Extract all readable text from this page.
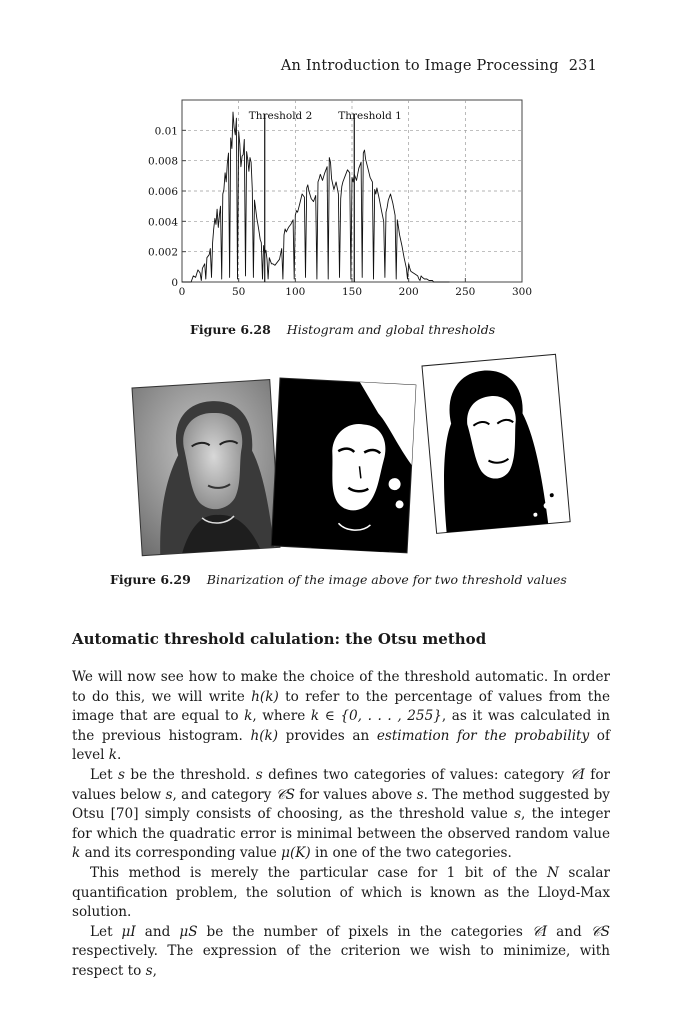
An Introduction to Image Processing 231
0	50	100	150	200	250	300
0
0.002
0.004
0.006
0.008
0.01
Threshold 2 Threshold 1
Figure 6.28 Histogram and global thresholds
Figure 6.29 Binarization of the image above for two threshold values
Automatic threshold calulation: the Otsu method

We will now see how to make the choice of the threshold automatic. In order to do this, we will write h(k) to refer to the percentage of values from the image that are equal to k, where k ∈ {0, . . . , 255}, as it was calculated in the previous histogram. h(k) provides an estimation for the probability of level k.

Let s be the threshold. s defines two categories of values: category 𝒞I for values below s, and category 𝒞S for values above s. The method suggested by Otsu [70] simply consists of choosing, as the threshold value s, the integer for which the quadratic error is minimal between the observed random value k and its corresponding value μ(K) in one of the two categories.

This method is merely the particular case for 1 bit of the N scalar quantification problem, the solution of which is known as the Lloyd-Max solution.

Let μI and μS be the number of pixels in the categories 𝒞I and 𝒞S respectively. The expression of the criterion we wish to minimize, with respect to s,
